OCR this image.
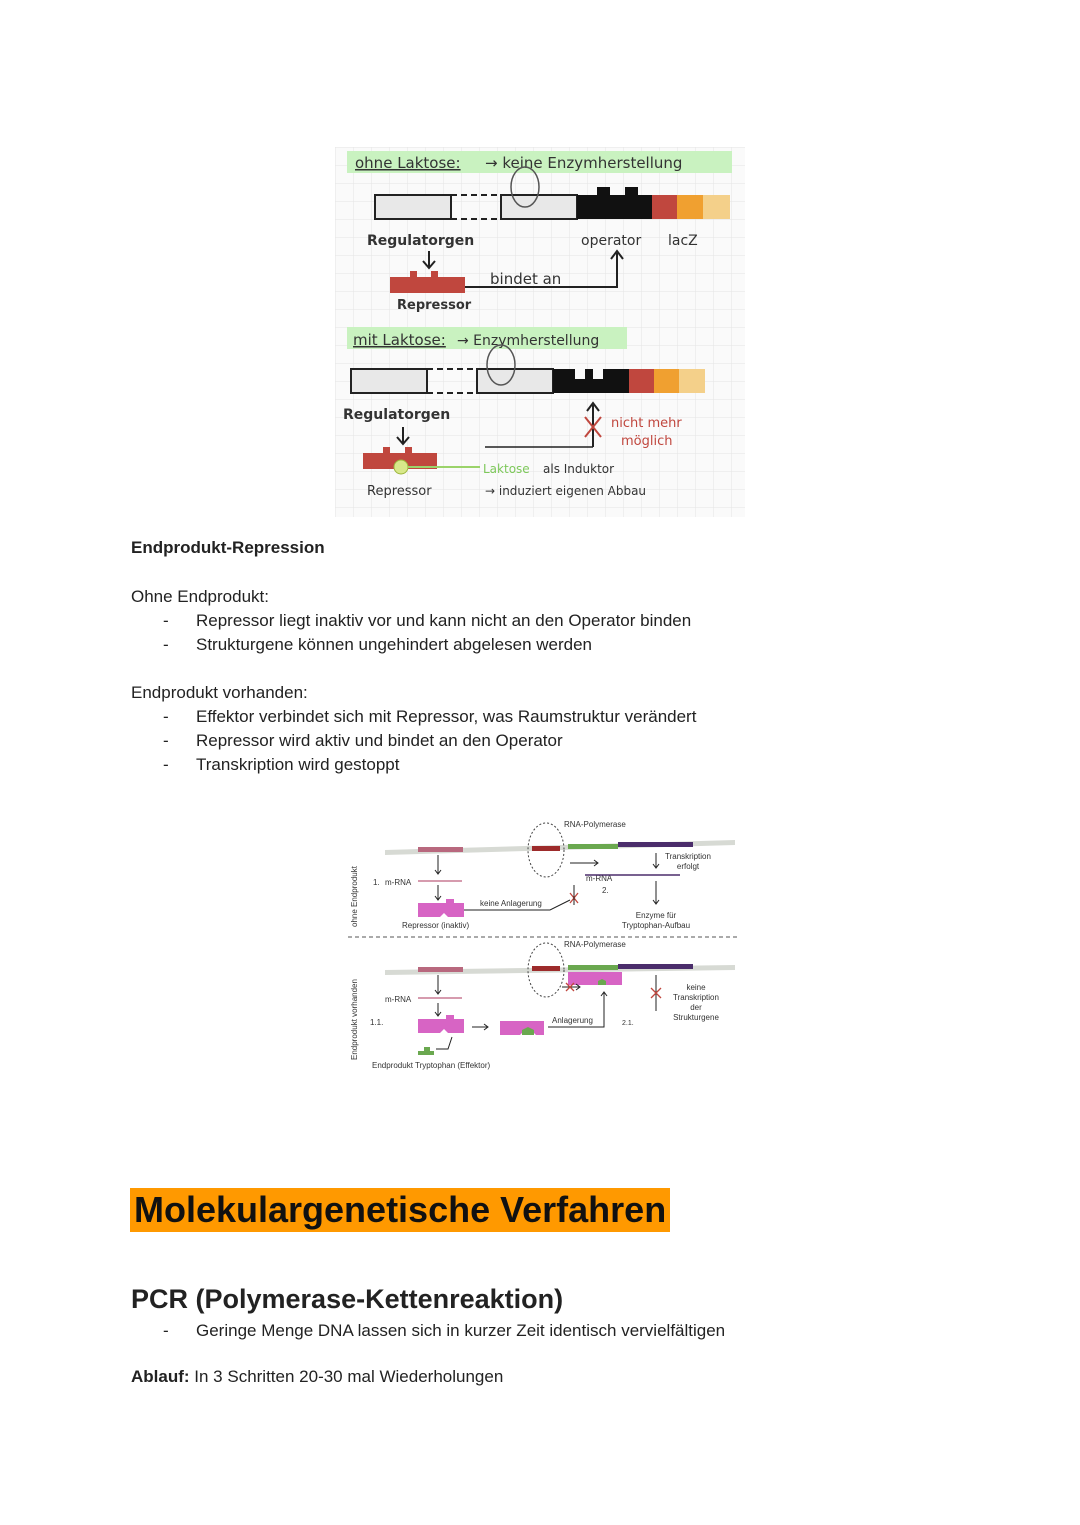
ohne Laktose: → keine Enzymherstellung
Regulatorgen	operator lacZ
Repressor
bindet an
mit Laktose: → Enzymherstellung
Regulatorgen
nicht mehr
möglich
Laktose als Induktor
→ induziert eigenen Abbau
Repressor
Endprodukt-Repression
Ohne Endprodukt:
- Repressor liegt inaktiv vor und kann nicht an den Operator binden
- Strukturgene können ungehindert abgelesen werden
Endprodukt vorhanden:
- Effektor verbindet sich mit Repressor, was Raumstruktur verändert
- Repressor wird aktiv und bindet an den Operator
- Transkription wird gestoppt
ohne Endprodukt
Endprodukt vorhanden
RNA-Polymerase
1. m-RNA
Repressor (inaktiv)
keine Anlagerung
m-RNA
2.
Transkription
erfolgt
Enzyme für
Tryptophan-Aufbau
RNA-Polymerase
m-RNA
1.1.
Endprodukt Tryptophan (Effektor)
Anlagerung	2.1.
keine
Transkription
der
Strukturgene
Molekulargenetische Verfahren
PCR (Polymerase-Kettenreaktion)
- Geringe Menge DNA lassen sich in kurzer Zeit identisch vervielfältigen
Ablauf: In 3 Schritten 20-30 mal Wiederholungen
